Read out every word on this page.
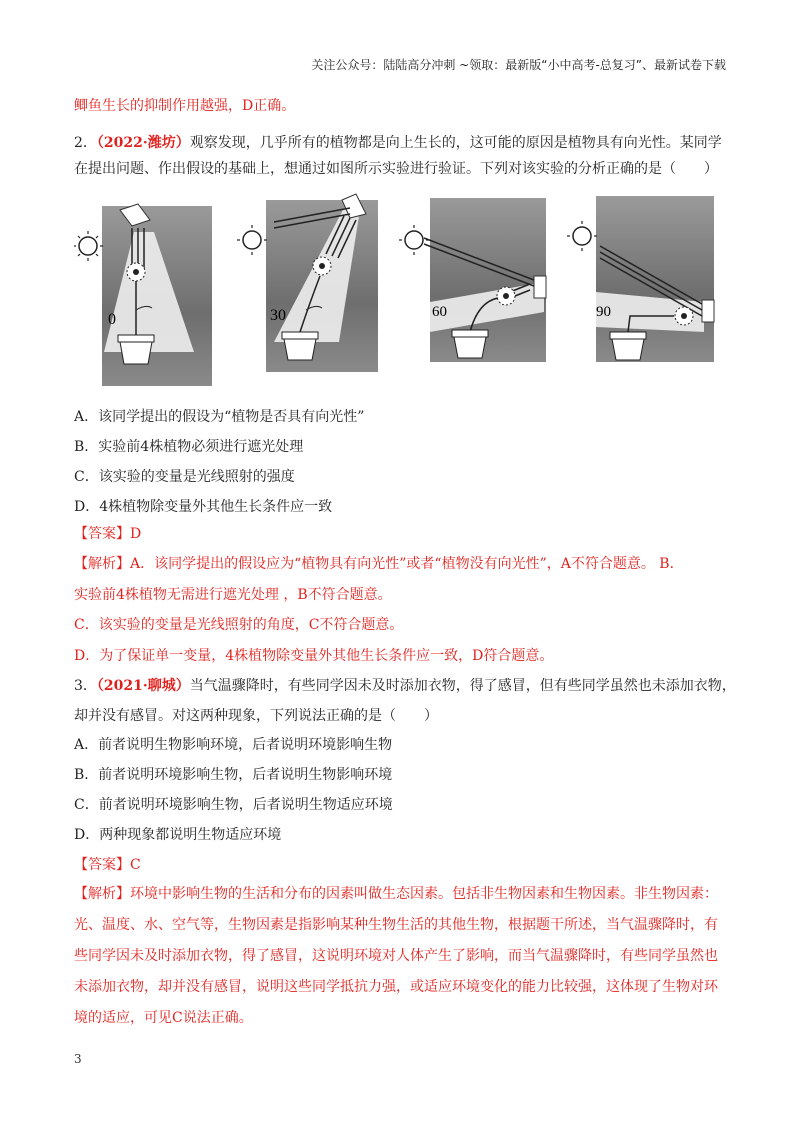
关注公众号：陆陆高分冲刺 ~领取：最新版“小中高考-总复习”、最新试卷下载
鲫鱼生长的抑制作用越强，D正确。
2．（2022·潍坊）观察发现，几乎所有的植物都是向上生长的，这可能的原因是植物具有向光性。某同学
在提出问题、作出假设的基础上，想通过如图所示实验进行验证。下列对该实验的分析正确的是（　　）
0	30	60	90
A．该同学提出的假设为“植物是否具有向光性”
B．实验前4株植物必须进行遮光处理
C．该实验的变量是光线照射的强度
D．4株植物除变量外其他生长条件应一致
【答案】D
【解析】A．该同学提出的假设应为“植物具有向光性”或者“植物没有向光性”，A不符合题意。 B．
实验前4株植物无需进行遮光处理 ，B不符合题意。
C．该实验的变量是光线照射的角度，C不符合题意。
D．为了保证单一变量，4株植物除变量外其他生长条件应一致，D符合题意。
3．（2021·聊城）当气温骤降时，有些同学因未及时添加衣物，得了感冒，但有些同学虽然也未添加衣物，
却并没有感冒。对这两种现象，下列说法正确的是（　　）
A．前者说明生物影响环境，后者说明环境影响生物
B．前者说明环境影响生物，后者说明生物影响环境
C．前者说明环境影响生物，后者说明生物适应环境
D．两种现象都说明生物适应环境
【答案】C
【解析】环境中影响生物的生活和分布的因素叫做生态因素。包括非生物因素和生物因素。非生物因素：
光、温度、水、空气等，生物因素是指影响某种生物生活的其他生物，根据题干所述，当气温骤降时，有
些同学因未及时添加衣物，得了感冒，这说明环境对人体产生了影响，而当气温骤降时，有些同学虽然也
未添加衣物，却并没有感冒，说明这些同学抵抗力强，或适应环境变化的能力比较强，这体现了生物对环
境的适应，可见C说法正确。
3
